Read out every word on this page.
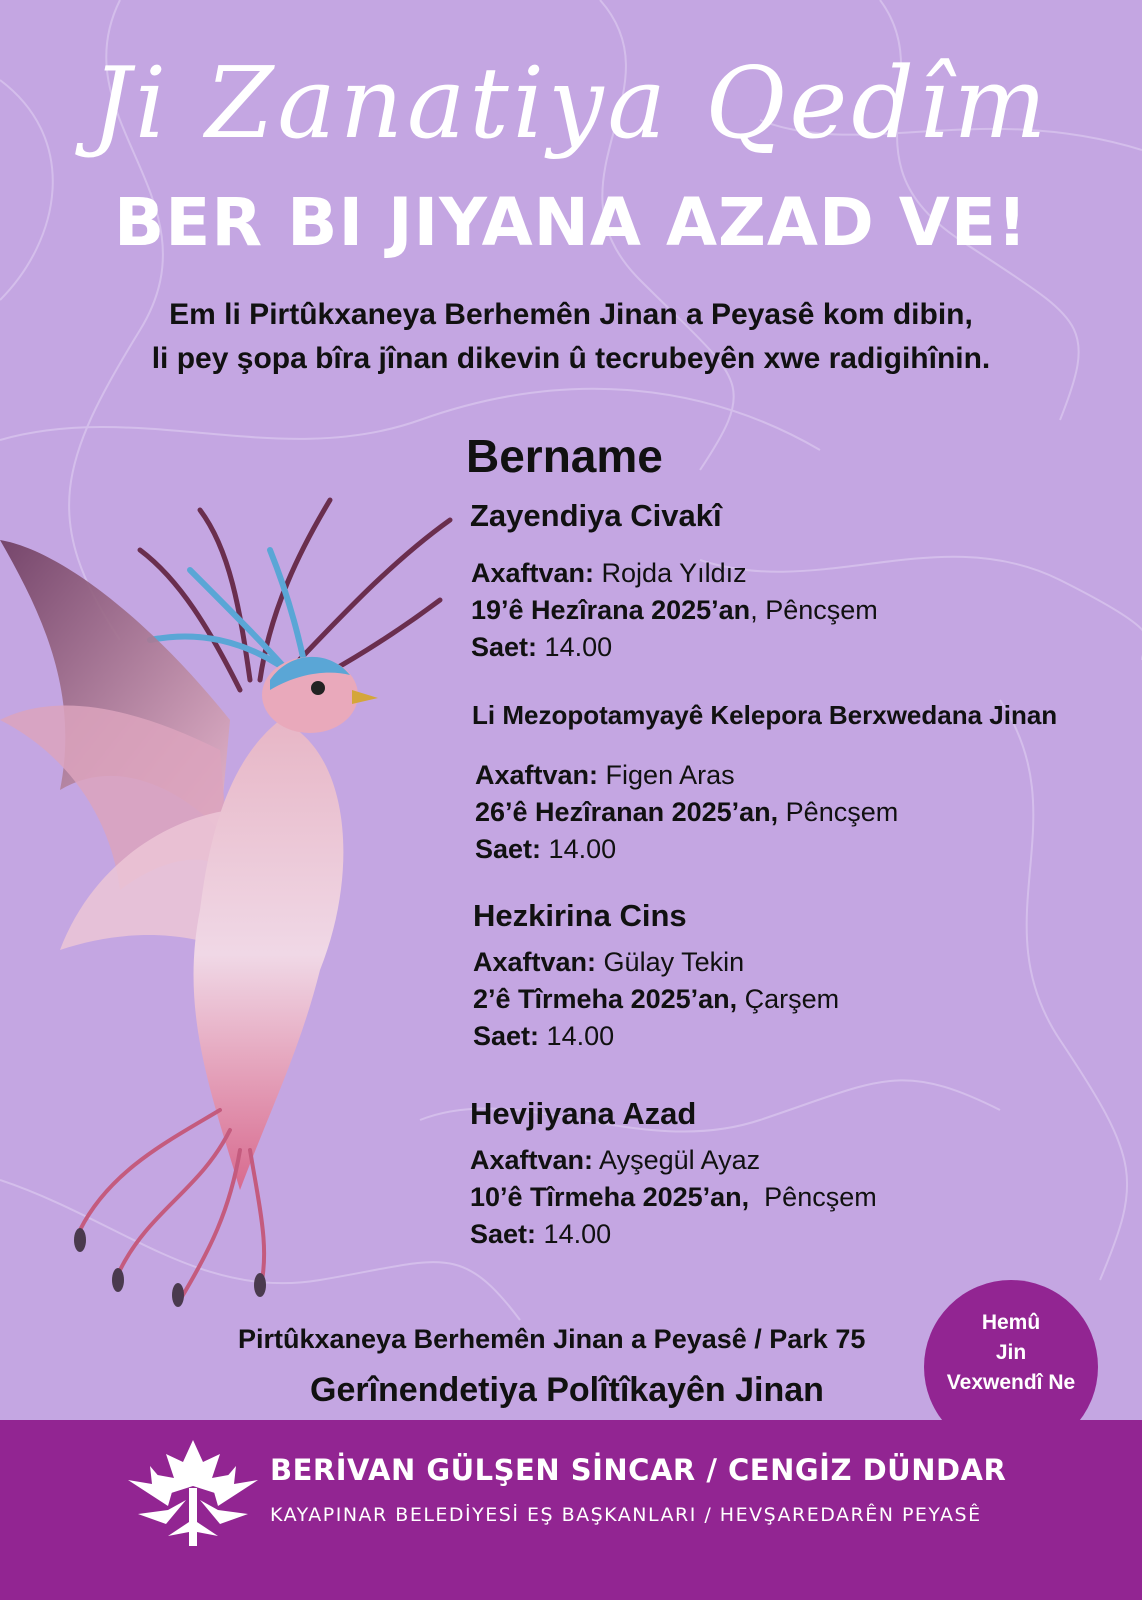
Ji Zanatiya Qedîm
BER BI JIYANA AZAD VE!
Em li Pirtûkxaneya Berhemên Jinan a Peyasê kom dibin,
li pey şopa bîra jînan dikevin û tecrubeyên xwe radigihînin.
Bername
Zayendiya Civakî
Axaftvan: Rojda Yıldız
19’ê Hezîrana 2025’an, Pêncşem
Saet: 14.00
Li Mezopotamyayê Kelepora Berxwedana Jinan
Axaftvan: Figen Aras
26’ê Hezîranan 2025’an, Pêncşem
Saet: 14.00
Hezkirina Cins
Axaftvan: Gülay Tekin
2’ê Tîrmeha 2025’an, Çarşem
Saet: 14.00
Hevjiyana Azad
Axaftvan: Ayşegül Ayaz
10’ê Tîrmeha 2025’an,  Pêncşem
Saet: 14.00
Pirtûkxaneya Berhemên Jinan a Peyasê / Park 75
Gerînendetiya Polîtîkayên Jinan
Hemû
Jin
Vexwendî Ne
BERİVAN GÜLŞEN SİNCAR / CENGİZ DÜNDAR
KAYAPINAR BELEDİYESİ EŞ BAŞKANLARI / HEVŞAREDARÊN PEYASÊ
